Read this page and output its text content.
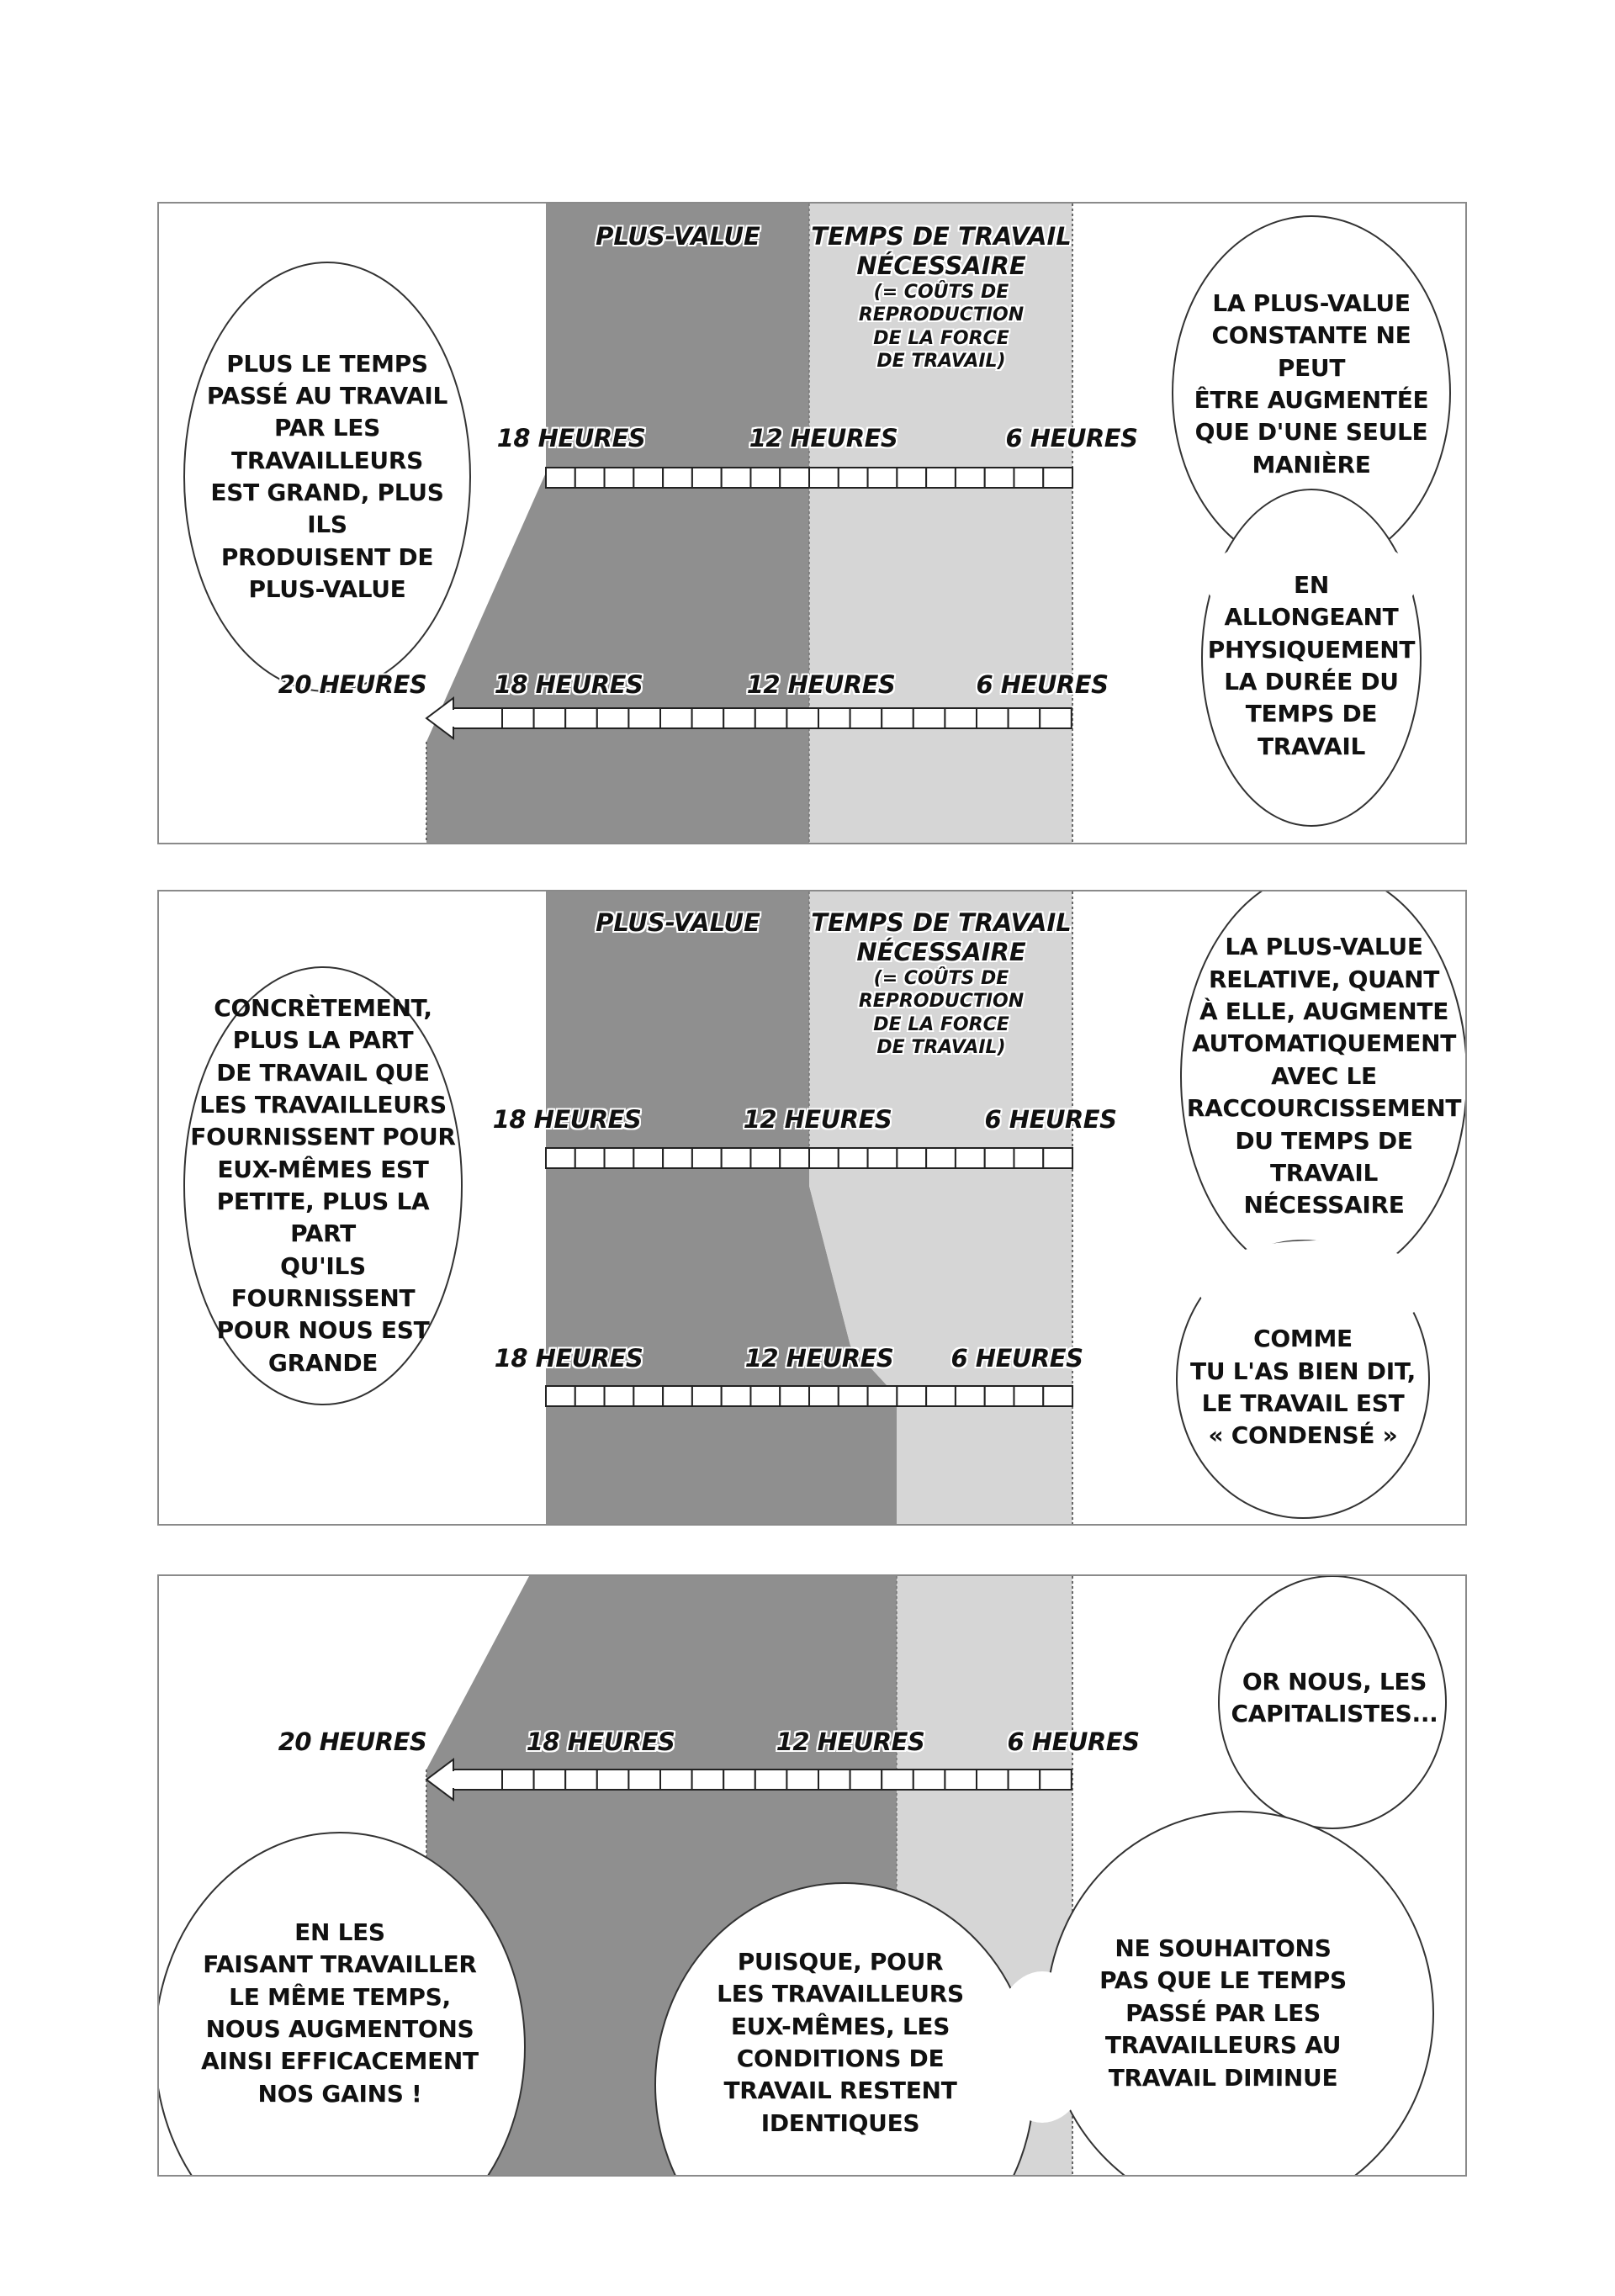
PLUS-VALUE TEMPS DE TRAVAIL
NÉCESSAIRE
(= COÛTS DE
REPRODUCTION
DE LA FORCE
DE TRAVAIL)
18 HEURES	12 HEURES	6 HEURES
20 HEURES	18 HEURES	12 HEURES	6 HEURES
PLUS LE TEMPS
PASSÉ AU TRAVAIL
PAR LES TRAVAILLEURS
EST GRAND, PLUS ILS
PRODUISENT DE
PLUS-VALUE
LA PLUS-VALUE
CONSTANTE NE PEUT
ÊTRE AUGMENTÉE
QUE D'UNE SEULE
MANIÈRE
EN
ALLONGEANT
PHYSIQUEMENT
LA DURÉE DU
TEMPS DE
TRAVAIL
PLUS-VALUE TEMPS DE TRAVAIL
NÉCESSAIRE
(= COÛTS DE
REPRODUCTION
DE LA FORCE
DE TRAVAIL)
18 HEURES	12 HEURES	6 HEURES
18 HEURES	12 HEURES 6 HEURES
CONCRÈTEMENT,
PLUS LA PART
DE TRAVAIL QUE
LES TRAVAILLEURS
FOURNISSENT POUR
EUX-MÊMES EST
PETITE, PLUS LA PART
QU'ILS FOURNISSENT
POUR NOUS EST
GRANDE
LA PLUS-VALUE
RELATIVE, QUANT
À ELLE, AUGMENTE
AUTOMATIQUEMENT
AVEC LE
RACCOURCISSEMENT
DU TEMPS DE TRAVAIL
NÉCESSAIRE
COMME
TU L'AS BIEN DIT,
LE TRAVAIL EST
« CONDENSÉ »
20 HEURES	18 HEURES	12 HEURES	6 HEURES
OR NOUS, LES
CAPITALISTES...
EN LES
FAISANT TRAVAILLER
LE MÊME TEMPS,
NOUS AUGMENTONS
AINSI EFFICACEMENT
NOS GAINS !
PUISQUE, POUR
LES TRAVAILLEURS
EUX-MÊMES, LES
CONDITIONS DE
TRAVAIL RESTENT
IDENTIQUES
NE SOUHAITONS
PAS QUE LE TEMPS
PASSÉ PAR LES
TRAVAILLEURS AU
TRAVAIL DIMINUE
